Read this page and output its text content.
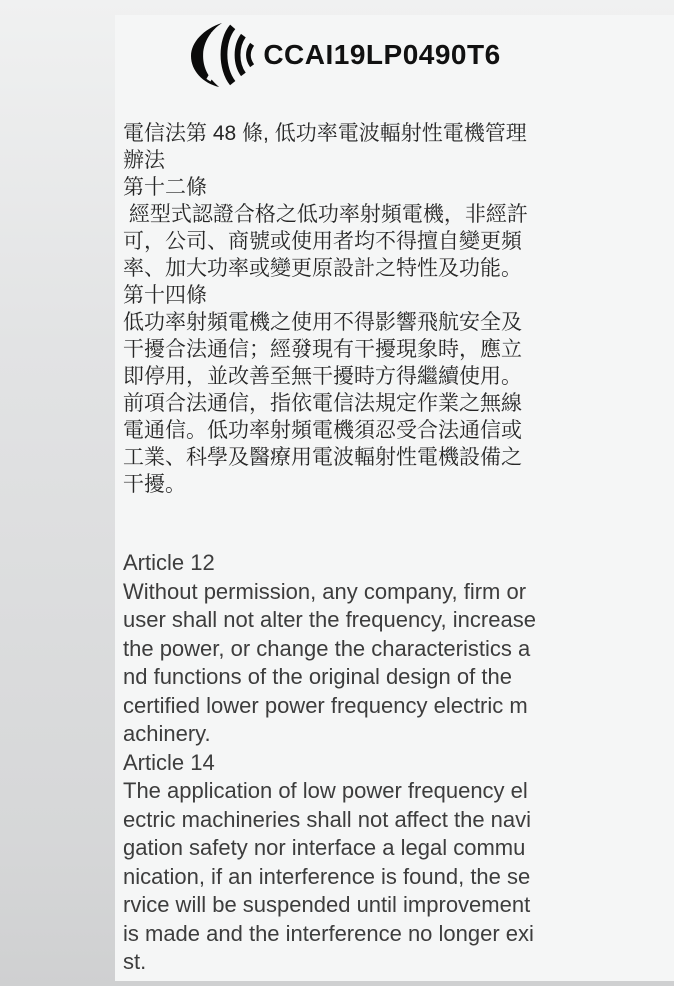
CCAI19LP0490T6
電信法第 48 條, 低功率電波輻射性電機管理
辦法
第十二條
經型式認證合格之低功率射頻電機，非經許
可，公司、商號或使用者均不得擅自變更頻
率、加大功率或變更原設計之特性及功能。
第十四條
低功率射頻電機之使用不得影響飛航安全及
干擾合法通信；經發現有干擾現象時，應立
即停用，並改善至無干擾時方得繼續使用。
前項合法通信，指依電信法規定作業之無線
電通信。低功率射頻電機須忍受合法通信或
工業、科學及醫療用電波輻射性電機設備之
干擾。
Article 12
Without permission, any company, firm or
user shall not alter the frequency, increase
the power, or change the characteristics a
nd functions of the original design of the
certified lower power frequency electric m
achinery.
Article 14
The application of low power frequency el
ectric machineries shall not affect the navi
gation safety nor interface a legal commu
nication, if an interference is found, the se
rvice will be suspended until improvement
is made and the interference no longer exi
st.
